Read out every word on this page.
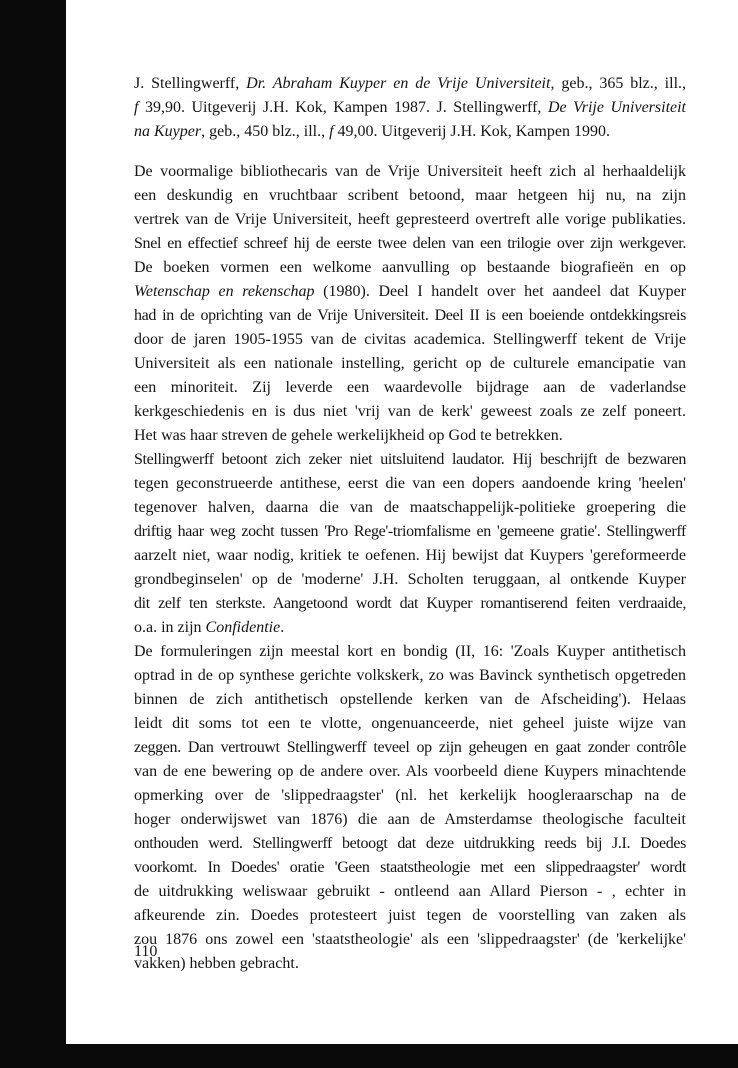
J. Stellingwerff, Dr. Abraham Kuyper en de Vrije Universiteit, geb., 365 blz., ill.,
f 39,90. Uitgeverij J.H. Kok, Kampen 1987. J. Stellingwerff, De Vrije Universiteit
na Kuyper, geb., 450 blz., ill., f 49,00. Uitgeverij J.H. Kok, Kampen 1990.
De voormalige bibliothecaris van de Vrije Universiteit heeft zich al herhaaldelijk
een deskundig en vruchtbaar scribent betoond, maar hetgeen hij nu, na zijn
vertrek van de Vrije Universiteit, heeft gepresteerd overtreft alle vorige publikaties.
Snel en effectief schreef hij de eerste twee delen van een trilogie over zijn werkgever.
De boeken vormen een welkome aanvulling op bestaande biografieën en op
Wetenschap en rekenschap (1980). Deel I handelt over het aandeel dat Kuyper
had in de oprichting van de Vrije Universiteit. Deel II is een boeiende ontdekkingsreis
door de jaren 1905-1955 van de civitas academica. Stellingwerff tekent de Vrije
Universiteit als een nationale instelling, gericht op de culturele emancipatie van
een minoriteit. Zij leverde een waardevolle bijdrage aan de vaderlandse
kerkgeschiedenis en is dus niet 'vrij van de kerk' geweest zoals ze zelf poneert.
Het was haar streven de gehele werkelijkheid op God te betrekken.
Stellingwerff betoont zich zeker niet uitsluitend laudator. Hij beschrijft de bezwaren
tegen geconstrueerde antithese, eerst die van een dopers aandoende kring 'heelen'
tegenover halven, daarna die van de maatschappelijk-politieke groepering die
driftig haar weg zocht tussen 'Pro Rege'-triomfalisme en 'gemeene gratie'. Stellingwerff
aarzelt niet, waar nodig, kritiek te oefenen. Hij bewijst dat Kuypers 'gereformeerde
grondbeginselen' op de 'moderne' J.H. Scholten teruggaan, al ontkende Kuyper
dit zelf ten sterkste. Aangetoond wordt dat Kuyper romantiserend feiten verdraaide,
o.a. in zijn Confidentie.
De formuleringen zijn meestal kort en bondig (II, 16: 'Zoals Kuyper antithetisch
optrad in de op synthese gerichte volkskerk, zo was Bavinck synthetisch opgetreden
binnen de zich antithetisch opstellende kerken van de Afscheiding'). Helaas
leidt dit soms tot een te vlotte, ongenuanceerde, niet geheel juiste wijze van
zeggen. Dan vertrouwt Stellingwerff teveel op zijn geheugen en gaat zonder contrôle
van de ene bewering op de andere over. Als voorbeeld diene Kuypers minachtende
opmerking over de 'slippedraagster' (nl. het kerkelijk hoogleraarschap na de
hoger onderwijswet van 1876) die aan de Amsterdamse theologische faculteit
onthouden werd. Stellingwerff betoogt dat deze uitdrukking reeds bij J.I. Doedes
voorkomt. In Doedes' oratie 'Geen staatstheologie met een slippedraagster' wordt
de uitdrukking weliswaar gebruikt - ontleend aan Allard Pierson - , echter in
afkeurende zin. Doedes protesteert juist tegen de voorstelling van zaken als
zou 1876 ons zowel een 'staatstheologie' als een 'slippedraagster' (de 'kerkelijke'
vakken) hebben gebracht.
110
